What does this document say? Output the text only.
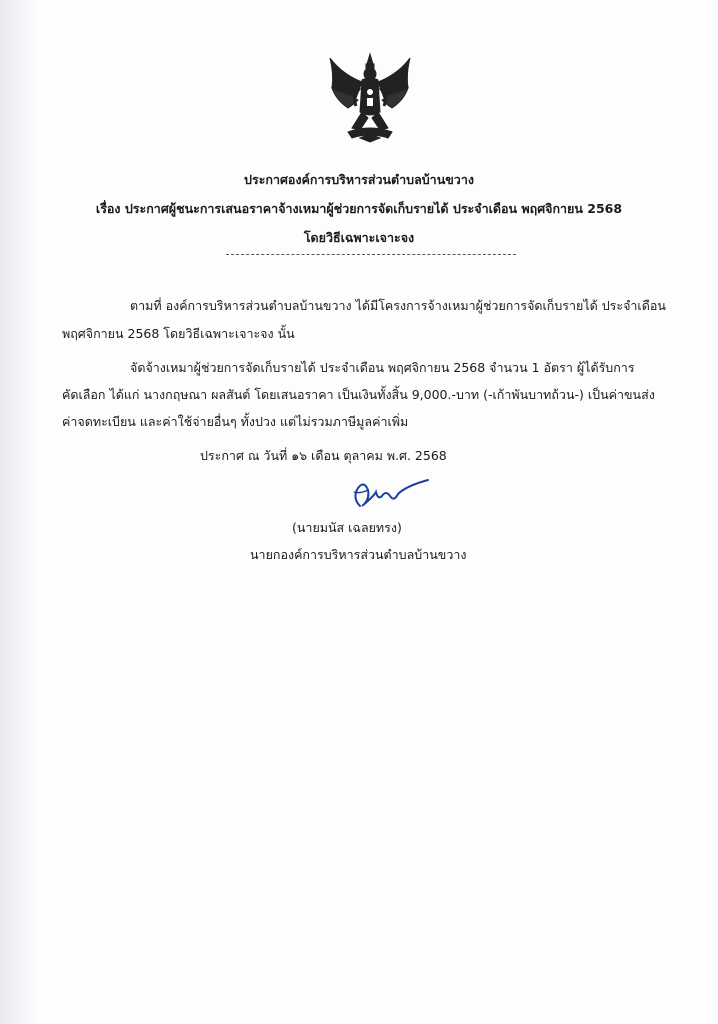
ประกาศองค์การบริหารส่วนตำบลบ้านขวาง
เรื่อง ประกาศผู้ชนะการเสนอราคาจ้างเหมาผู้ช่วยการจัดเก็บรายได้ ประจำเดือน พฤศจิกายน 2568
โดยวิธีเฉพาะเจาะจง
ตามที่ องค์การบริหารส่วนตำบลบ้านขวาง ได้มีโครงการจ้างเหมาผู้ช่วยการจัดเก็บรายได้ ประจำเดือน
พฤศจิกายน 2568 โดยวิธีเฉพาะเจาะจง นั้น
จัดจ้างเหมาผู้ช่วยการจัดเก็บรายได้ ประจำเดือน พฤศจิกายน 2568 จำนวน 1 อัตรา ผู้ได้รับการ
คัดเลือก ได้แก่ นางกฤษณา ผลสันต์ โดยเสนอราคา เป็นเงินทั้งสิ้น 9,000.-บาท (-เก้าพันบาทถ้วน-) เป็นค่าขนส่ง
ค่าจดทะเบียน และค่าใช้จ่ายอื่นๆ ทั้งปวง แต่ไม่รวมภาษีมูลค่าเพิ่ม
ประกาศ ณ วันที่ ๑๖ เดือน ตุลาคม พ.ศ. 2568
(นายมนัส เฉลยทรง)
นายกองค์การบริหารส่วนตำบลบ้านขวาง
